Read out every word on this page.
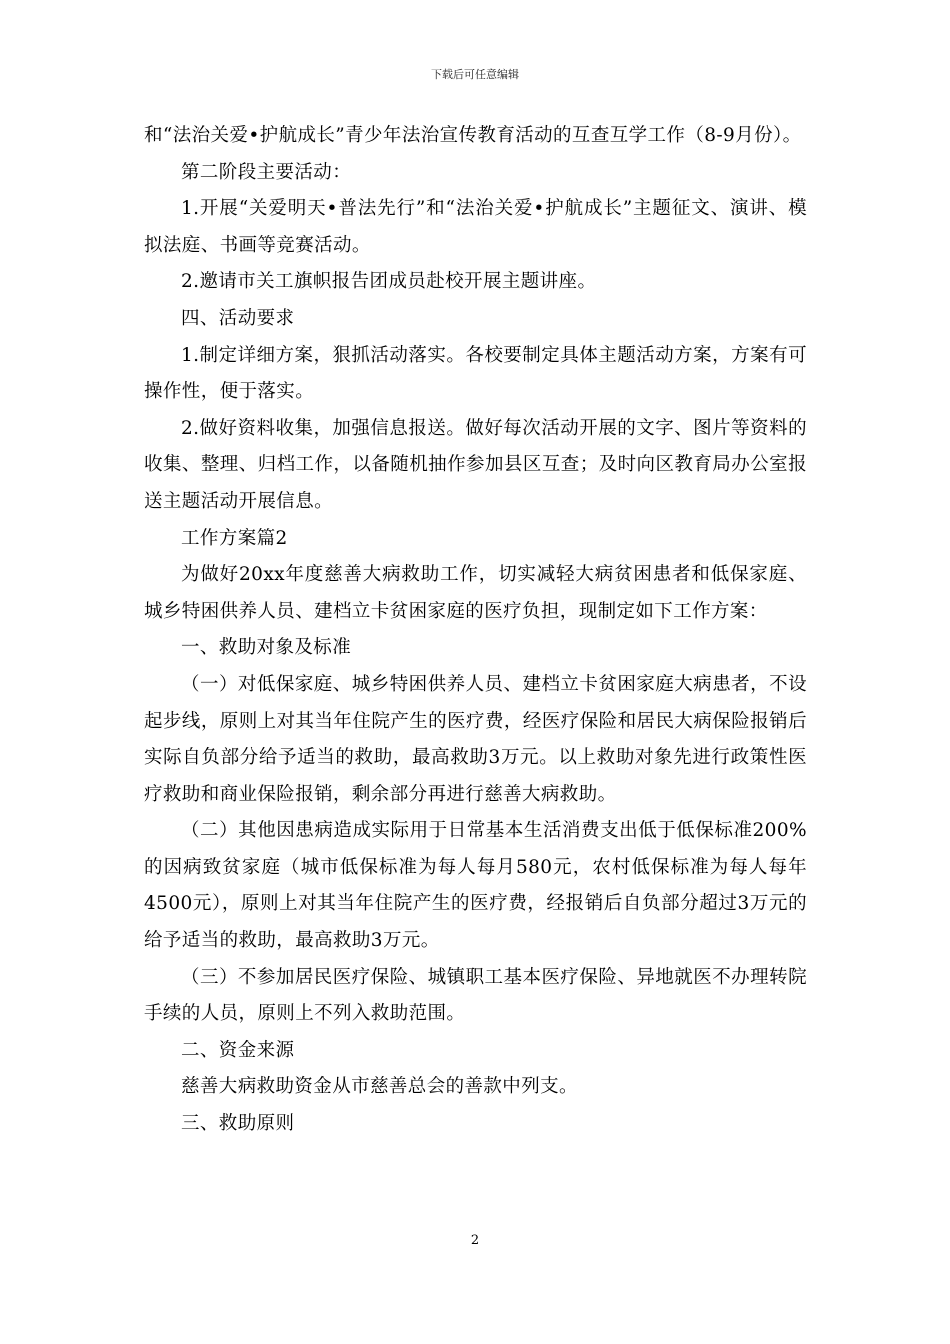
下载后可任意编辑

和“法治关爱•护航成长”青少年法治宣传教育活动的互查互学工作（8-9月份）。

第二阶段主要活动：

1.开展“关爱明天•普法先行”和“法治关爱•护航成长”主题征文、演讲、模拟法庭、书画等竞赛活动。

2.邀请市关工旗帜报告团成员赴校开展主题讲座。

四、活动要求

1.制定详细方案，狠抓活动落实。各校要制定具体主题活动方案，方案有可操作性，便于落实。

2.做好资料收集，加强信息报送。做好每次活动开展的文字、图片等资料的收集、整理、归档工作，以备随机抽作参加县区互查；及时向区教育局办公室报送主题活动开展信息。

工作方案篇2

为做好20xx年度慈善大病救助工作，切实减轻大病贫困患者和低保家庭、城乡特困供养人员、建档立卡贫困家庭的医疗负担，现制定如下工作方案：

一、救助对象及标准

（一）对低保家庭、城乡特困供养人员、建档立卡贫困家庭大病患者，不设起步线，原则上对其当年住院产生的医疗费，经医疗保险和居民大病保险报销后实际自负部分给予适当的救助，最高救助3万元。以上救助对象先进行政策性医疗救助和商业保险报销，剩余部分再进行慈善大病救助。

（二）其他因患病造成实际用于日常基本生活消费支出低于低保标准200%的因病致贫家庭（城市低保标准为每人每月580元，农村低保标准为每人每年4500元），原则上对其当年住院产生的医疗费，经报销后自负部分超过3万元的给予适当的救助，最高救助3万元。

（三）不参加居民医疗保险、城镇职工基本医疗保险、异地就医不办理转院手续的人员，原则上不列入救助范围。

二、资金来源

慈善大病救助资金从市慈善总会的善款中列支。

三、救助原则

2
